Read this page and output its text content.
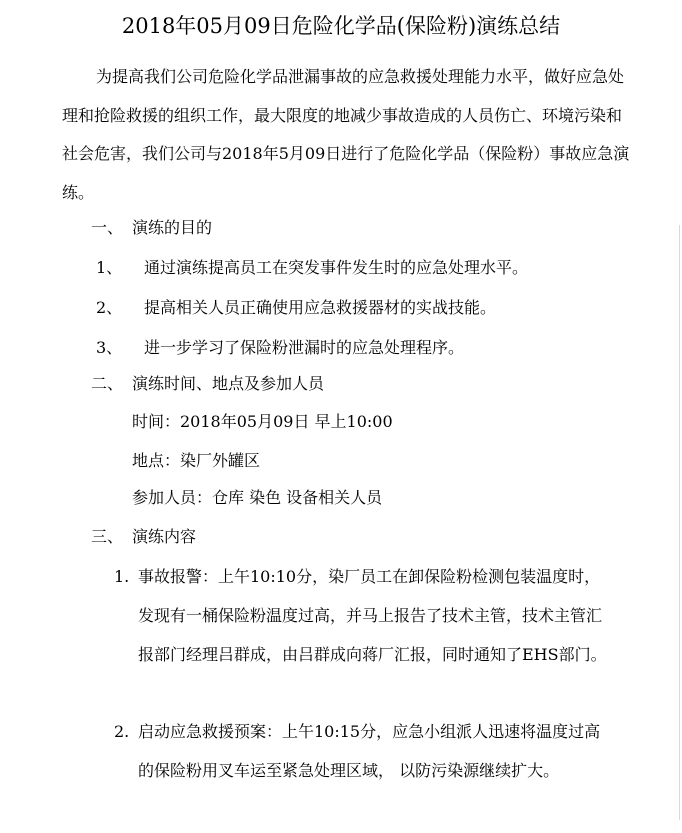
2018年05月09日危险化学品(保险粉)演练总结

为提高我们公司危险化学品泄漏事故的应急救援处理能力水平，做好应急处理和抢险救援的组织工作，最大限度的地减少事故造成的人员伤亡、环境污染和社会危害，我们公司与2018年5月09日进行了危险化学品（保险粉）事故应急演练。

一、 演练的目的
1、 通过演练提高员工在突发事件发生时的应急处理水平。
2、 提高相关人员正确使用应急救援器材的实战技能。
3、 进一步学习了保险粉泄漏时的应急处理程序。
二、 演练时间、地点及参加人员
时间：2018年05月09日 早上10:00
地点：染厂外罐区
参加人员：仓库 染色 设备相关人员
三、 演练内容
1. 事故报警：上午10:10分，染厂员工在卸保险粉检测包装温度时，发现有一桶保险粉温度过高，并马上报告了技术主管，技术主管汇报部门经理吕群成，由吕群成向蒋厂汇报，同时通知了EHS部门。

2. 启动应急救援预案：上午10:15分，应急小组派人迅速将温度过高的保险粉用叉车运至紧急处理区域， 以防污染源继续扩大。
